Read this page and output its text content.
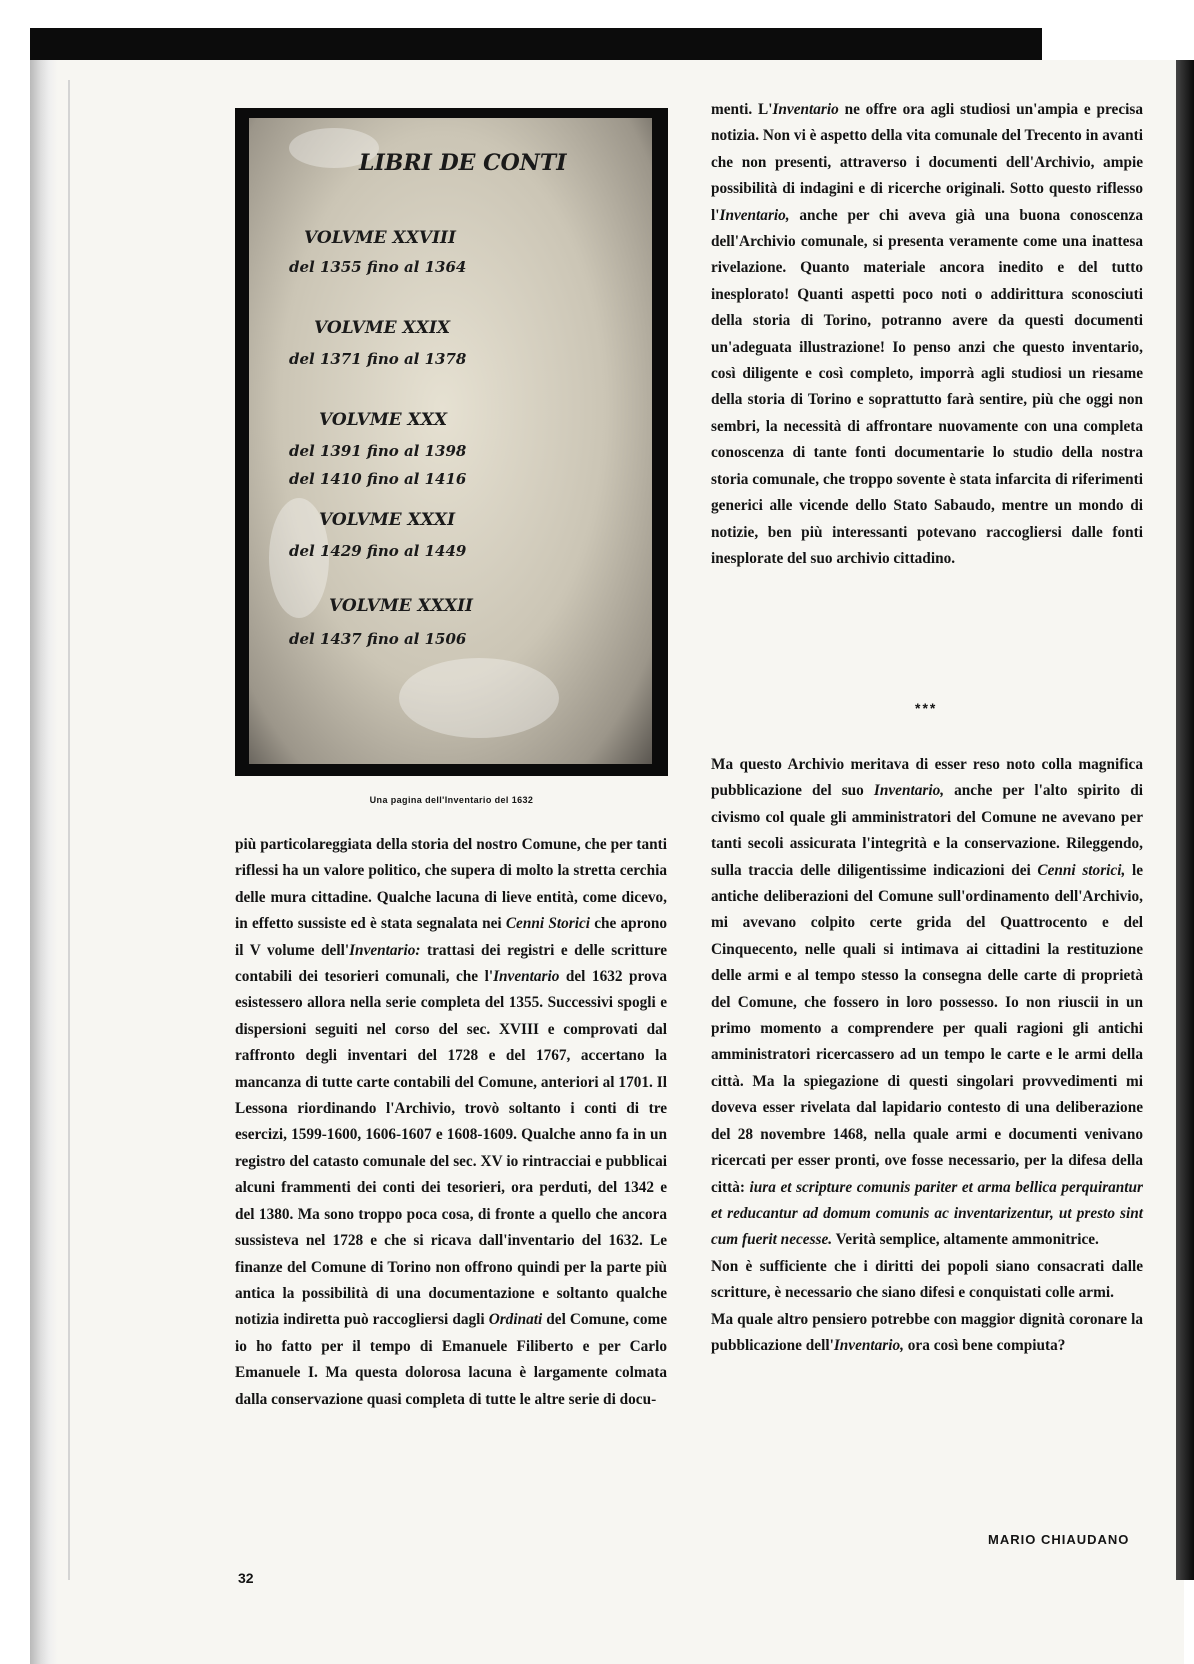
LIBRI DE CONTI
VOLVME XXVIII
del 1355 fino al 1364
VOLVME XXIX
del 1371 fino al 1378
VOLVME XXX
del 1391 fino al 1398
del 1410 fino al 1416
VOLVME XXXI
del 1429 fino al 1449
VOLVME XXXII
del 1437 fino al 1506
Una pagina dell'Inventario del 1632

più particolareggiata della storia del nostro Comune, che per tanti riflessi ha un valore politico, che supera di molto la stretta cerchia delle mura cittadine. Qualche lacuna di lieve entità, come dicevo, in effetto sussiste ed è stata segnalata nei Cenni Storici che aprono il V volume dell'Inventario: trattasi dei registri e delle scritture contabili dei tesorieri comunali, che l'Inventario del 1632 prova esistessero allora nella serie completa del 1355. Successivi spogli e dispersioni seguiti nel corso del sec. XVIII e comprovati dal raffronto degli inventari del 1728 e del 1767, accertano la mancanza di tutte carte contabili del Comune, anteriori al 1701. Il Lessona riordinando l'Archivio, trovò soltanto i conti di tre esercizi, 1599-1600, 1606-1607 e 1608-1609. Qualche anno fa in un registro del catasto comunale del sec. XV io rintracciai e pubblicai alcuni frammenti dei conti dei tesorieri, ora perduti, del 1342 e del 1380. Ma sono troppo poca cosa, di fronte a quello che ancora sussisteva nel 1728 e che si ricava dall'inventario del 1632. Le finanze del Comune di Torino non offrono quindi per la parte più antica la possibilità di una documentazione e soltanto qualche notizia indiretta può raccogliersi dagli Ordinati del Comune, come io ho fatto per il tempo di Emanuele Filiberto e per Carlo Emanuele I. Ma questa dolorosa lacuna è largamente colmata dalla conservazione quasi completa di tutte le altre serie di docu-

menti. L'Inventario ne offre ora agli studiosi un'ampia e precisa notizia. Non vi è aspetto della vita comunale del Trecento in avanti che non presenti, attraverso i documenti dell'Archivio, ampie possibilità di indagini e di ricerche originali. Sotto questo riflesso l'Inventario, anche per chi aveva già una buona conoscenza dell'Archivio comunale, si presenta veramente come una inattesa rivelazione. Quanto materiale ancora inedito e del tutto inesplorato! Quanti aspetti poco noti o addirittura sconosciuti della storia di Torino, potranno avere da questi documenti un'adeguata illustrazione! Io penso anzi che questo inventario, così diligente e così completo, imporrà agli studiosi un riesame della storia di Torino e soprattutto farà sentire, più che oggi non sembri, la necessità di affrontare nuovamente con una completa conoscenza di tante fonti documentarie lo studio della nostra storia comunale, che troppo sovente è stata infarcita di riferimenti generici alle vicende dello Stato Sabaudo, mentre un mondo di notizie, ben più interessanti potevano raccogliersi dalle fonti inesplorate del suo archivio cittadino.

***

Ma questo Archivio meritava di esser reso noto colla magnifica pubblicazione del suo Inventario, anche per l'alto spirito di civismo col quale gli amministratori del Comune ne avevano per tanti secoli assicurata l'integrità e la conservazione. Rileggendo, sulla traccia delle diligentissime indicazioni dei Cenni storici, le antiche deliberazioni del Comune sull'ordinamento dell'Archivio, mi avevano colpito certe grida del Quattrocento e del Cinquecento, nelle quali si intimava ai cittadini la restituzione delle armi e al tempo stesso la consegna delle carte di proprietà del Comune, che fossero in loro possesso. Io non riuscii in un primo momento a comprendere per quali ragioni gli antichi amministratori ricercassero ad un tempo le carte e le armi della città. Ma la spiegazione di questi singolari provvedimenti mi doveva esser rivelata dal lapidario contesto di una deliberazione del 28 novembre 1468, nella quale armi e documenti venivano ricercati per esser pronti, ove fosse necessario, per la difesa della città: iura et scripture comunis pariter et arma bellica perquirantur et reducantur ad domum comunis ac inventarizentur, ut presto sint cum fuerit necesse. Verità semplice, altamente ammonitrice.

Non è sufficiente che i diritti dei popoli siano consacrati dalle scritture, è necessario che siano difesi e conquistati colle armi.

Ma quale altro pensiero potrebbe con maggior dignità coronare la pubblicazione dell'Inventario, ora così bene compiuta?

MARIO CHIAUDANO
32
